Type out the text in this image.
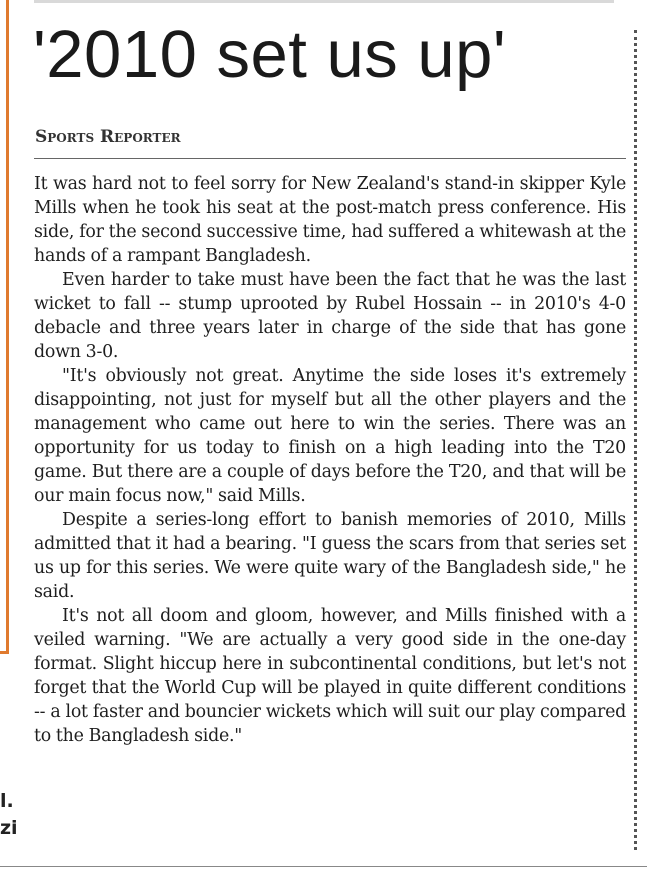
l.
zi
'2010 set us up'
Sports Reporter

It was hard not to feel sorry for New Zealand's stand-in skipper Kyle Mills when he took his seat at the post-match press conference. His side, for the second successive time, had suffered a whitewash at the hands of a rampant Bangladesh.

Even harder to take must have been the fact that he was the last wicket to fall -- stump uprooted by Rubel Hossain -- in 2010's 4-0 debacle and three years later in charge of the side that has gone down 3-0.

"It's obviously not great. Anytime the side loses it's extremely disappointing, not just for myself but all the other players and the management who came out here to win the series. There was an opportunity for us today to finish on a high leading into the T20 game. But there are a couple of days before the T20, and that will be our main focus now," said Mills.

Despite a series-long effort to banish memories of 2010, Mills admitted that it had a bearing. "I guess the scars from that series set us up for this series. We were quite wary of the Bangladesh side," he said.

It's not all doom and gloom, however, and Mills finished with a veiled warning. "We are actually a very good side in the one-day format. Slight hiccup here in subcontinental conditions, but let's not forget that the World Cup will be played in quite different conditions -- a lot faster and bouncier wickets which will suit our play compared to the Bangladesh side."
